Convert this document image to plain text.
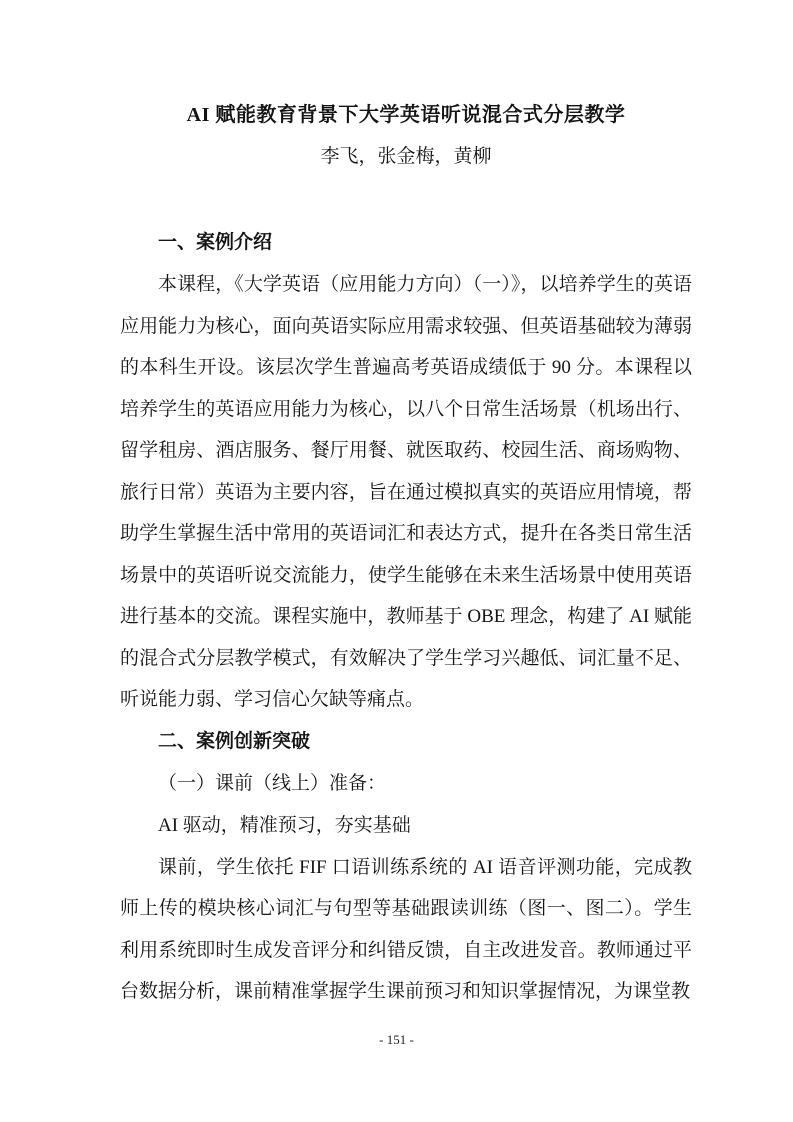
AI 赋能教育背景下大学英语听说混合式分层教学
李飞，张金梅，黄柳
一、案例介绍

本课程，《大学英语（应用能力方向）（一）》，以培养学生的英语应用能力为核心，面向英语实际应用需求较强、但英语基础较为薄弱的本科生开设。该层次学生普遍高考英语成绩低于 90 分。本课程以培养学生的英语应用能力为核心，以八个日常生活场景（机场出行、留学租房、酒店服务、餐厅用餐、就医取药、校园生活、商场购物、旅行日常）英语为主要内容，旨在通过模拟真实的英语应用情境，帮助学生掌握生活中常用的英语词汇和表达方式，提升在各类日常生活场景中的英语听说交流能力，使学生能够在未来生活场景中使用英语进行基本的交流。课程实施中，教师基于 OBE 理念，构建了 AI 赋能的混合式分层教学模式，有效解决了学生学习兴趣低、词汇量不足、听说能力弱、学习信心欠缺等痛点。

二、案例创新突破

（一）课前（线上）准备：

AI 驱动，精准预习，夯实基础

课前，学生依托 FIF 口语训练系统的 AI 语音评测功能，完成教师上传的模块核心词汇与句型等基础跟读训练（图一、图二）。学生利用系统即时生成发音评分和纠错反馈，自主改进发音。教师通过平台数据分析，课前精准掌握学生课前预习和知识掌握情况，为课堂教

- 151 -
